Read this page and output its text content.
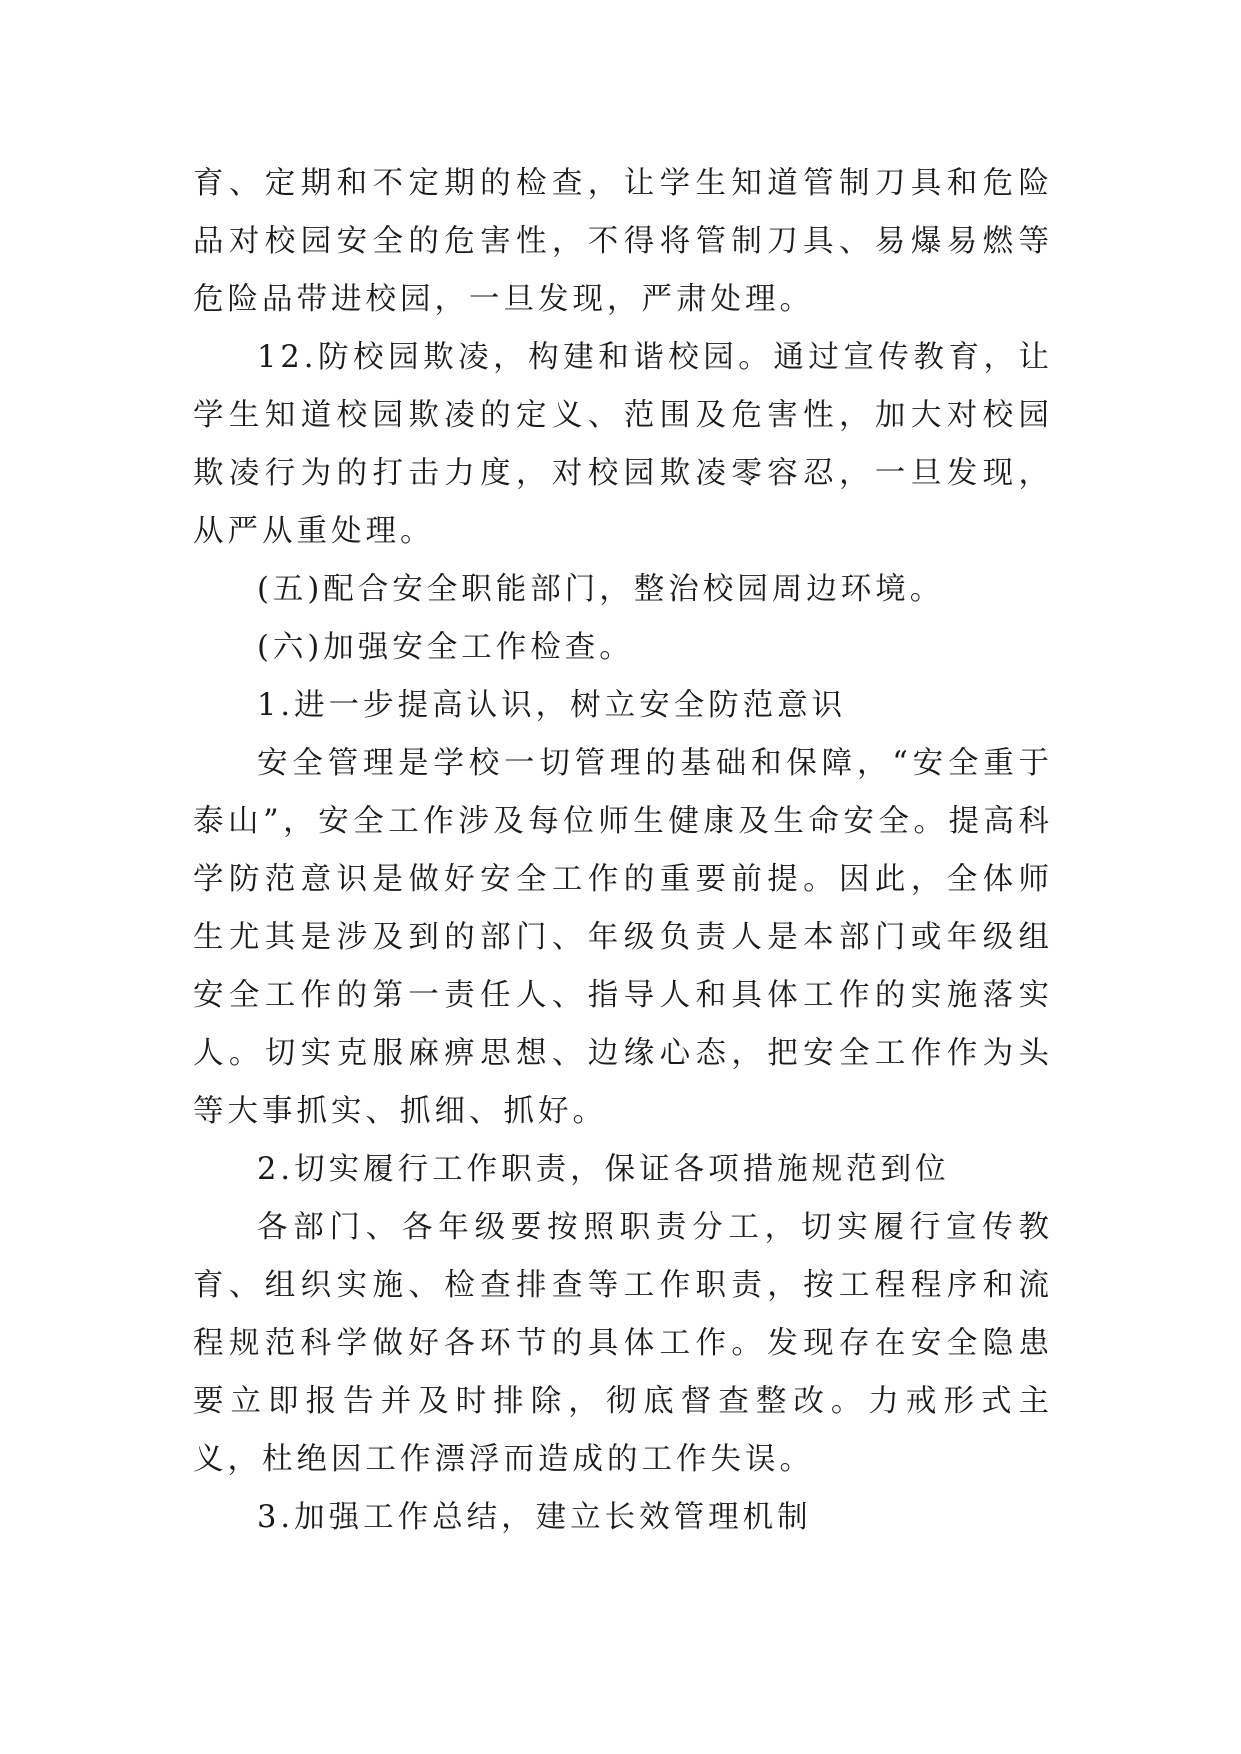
育、定期和不定期的检查，让学生知道管制刀具和危险品对校园安全的危害性，不得将管制刀具、易爆易燃等危险品带进校园，一旦发现，严肃处理。

12.防校园欺凌，构建和谐校园。通过宣传教育，让学生知道校园欺凌的定义、范围及危害性，加大对校园欺凌行为的打击力度，对校园欺凌零容忍，一旦发现，从严从重处理。

(五)配合安全职能部门，整治校园周边环境。

(六)加强安全工作检查。

1.进一步提高认识，树立安全防范意识

安全管理是学校一切管理的基础和保障，“安全重于泰山”，安全工作涉及每位师生健康及生命安全。提高科学防范意识是做好安全工作的重要前提。因此，全体师生尤其是涉及到的部门、年级负责人是本部门或年级组安全工作的第一责任人、指导人和具体工作的实施落实人。切实克服麻痹思想、边缘心态，把安全工作作为头等大事抓实、抓细、抓好。

2.切实履行工作职责，保证各项措施规范到位

各部门、各年级要按照职责分工，切实履行宣传教育、组织实施、检查排查等工作职责，按工程程序和流程规范科学做好各环节的具体工作。发现存在安全隐患要立即报告并及时排除，彻底督查整改。力戒形式主义，杜绝因工作漂浮而造成的工作失误。

3.加强工作总结，建立长效管理机制
